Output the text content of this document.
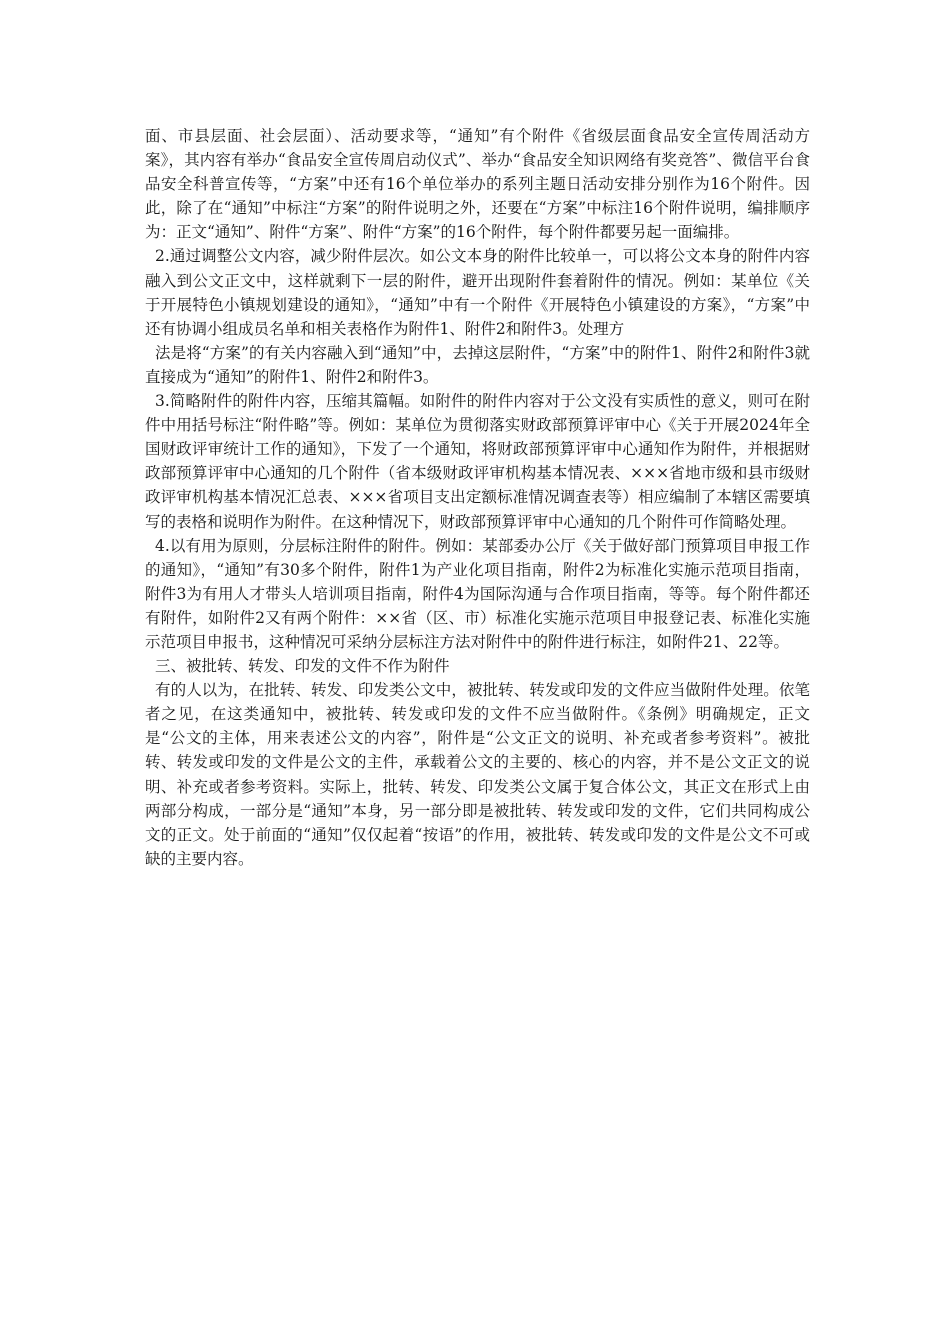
面、市县层面、社会层面）、活动要求等，“通知”有个附件《省级层面食品安全宣传周活动方案》，其内容有举办“食品安全宣传周启动仪式”、举办“食品安全知识网络有奖竞答”、微信平台食品安全科普宣传等，“方案”中还有16个单位举办的系列主题日活动安排分别作为16个附件。因此，除了在“通知”中标注“方案”的附件说明之外，还要在“方案”中标注16个附件说明，编排顺序为：正文“通知”、附件“方案”、附件“方案”的16个附件，每个附件都要另起一面编排。

2.通过调整公文内容，减少附件层次。如公文本身的附件比较单一，可以将公文本身的附件内容融入到公文正文中，这样就剩下一层的附件，避开出现附件套着附件的情况。例如：某单位《关于开展特色小镇规划建设的通知》，“通知”中有一个附件《开展特色小镇建设的方案》，“方案”中还有协调小组成员名单和相关表格作为附件1、附件2和附件3。处理方

法是将“方案”的有关内容融入到“通知”中，去掉这层附件，“方案”中的附件1、附件2和附件3就直接成为“通知”的附件1、附件2和附件3。

3.简略附件的附件内容，压缩其篇幅。如附件的附件内容对于公文没有实质性的意义，则可在附件中用括号标注“附件略”等。例如：某单位为贯彻落实财政部预算评审中心《关于开展2024年全国财政评审统计工作的通知》，下发了一个通知，将财政部预算评审中心通知作为附件，并根据财政部预算评审中心通知的几个附件（省本级财政评审机构基本情况表、×××省地市级和县市级财政评审机构基本情况汇总表、×××省项目支出定额标准情况调查表等）相应编制了本辖区需要填写的表格和说明作为附件。在这种情况下，财政部预算评审中心通知的几个附件可作简略处理。

4.以有用为原则，分层标注附件的附件。例如：某部委办公厅《关于做好部门预算项目申报工作的通知》，“通知”有30多个附件，附件1为产业化项目指南，附件2为标准化实施示范项目指南，附件3为有用人才带头人培训项目指南，附件4为国际沟通与合作项目指南，等等。每个附件都还有附件，如附件2又有两个附件：××省（区、市）标准化实施示范项目申报登记表、标准化实施示范项目申报书，这种情况可采纳分层标注方法对附件中的附件进行标注，如附件21、22等。

三、被批转、转发、印发的文件不作为附件

有的人以为，在批转、转发、印发类公文中，被批转、转发或印发的文件应当做附件处理。依笔者之见，在这类通知中，被批转、转发或印发的文件不应当做附件。《条例》明确规定，正文是“公文的主体，用来表述公文的内容”，附件是“公文正文的说明、补充或者参考资料”。被批转、转发或印发的文件是公文的主件，承载着公文的主要的、核心的内容，并不是公文正文的说明、补充或者参考资料。实际上，批转、转发、印发类公文属于复合体公文，其正文在形式上由两部分构成，一部分是“通知”本身，另一部分即是被批转、转发或印发的文件，它们共同构成公文的正文。处于前面的“通知”仅仅起着“按语”的作用，被批转、转发或印发的文件是公文不可或缺的主要内容。
